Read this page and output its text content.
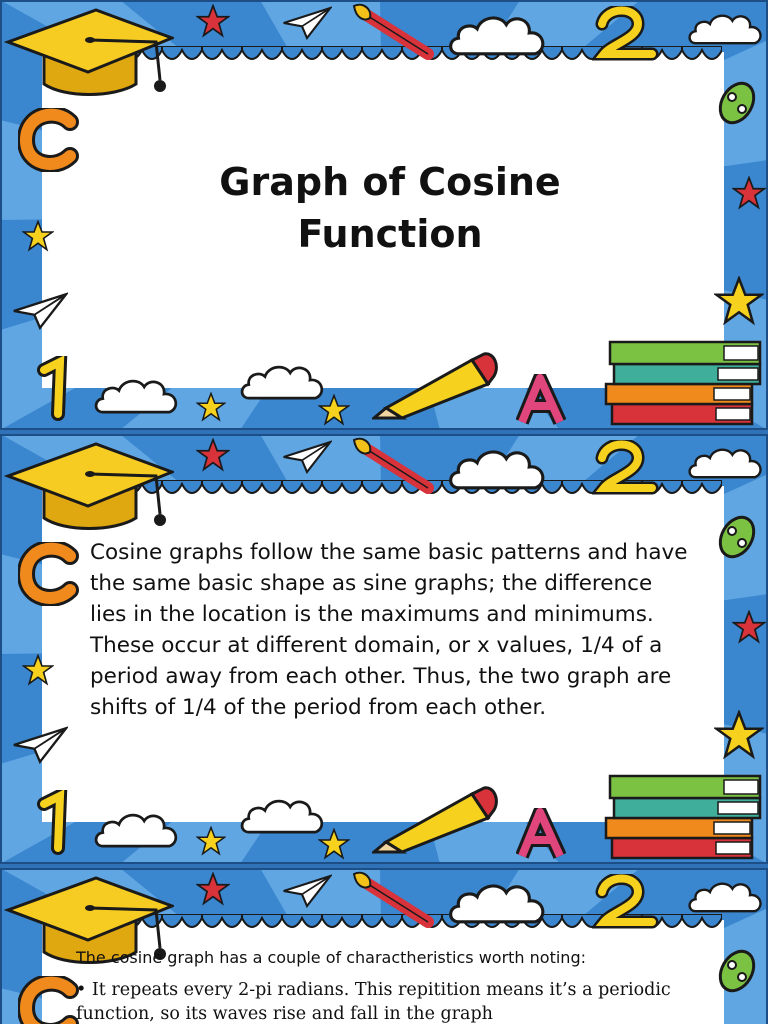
Graph of Cosine
Function
Cosine graphs follow the same basic patterns and have the same basic shape as sine graphs; the difference lies in the location is the maximums and minimums. These occur at different domain, or x values, 1/4 of a period away from each other. Thus, the two graph are shifts of 1/4 of the period from each other.
The cosine graph has a couple of charactheristics worth noting:
• It repeats every 2-pi radians. This repitition means it’s a periodic
function, so its waves rise and fall in the graph
